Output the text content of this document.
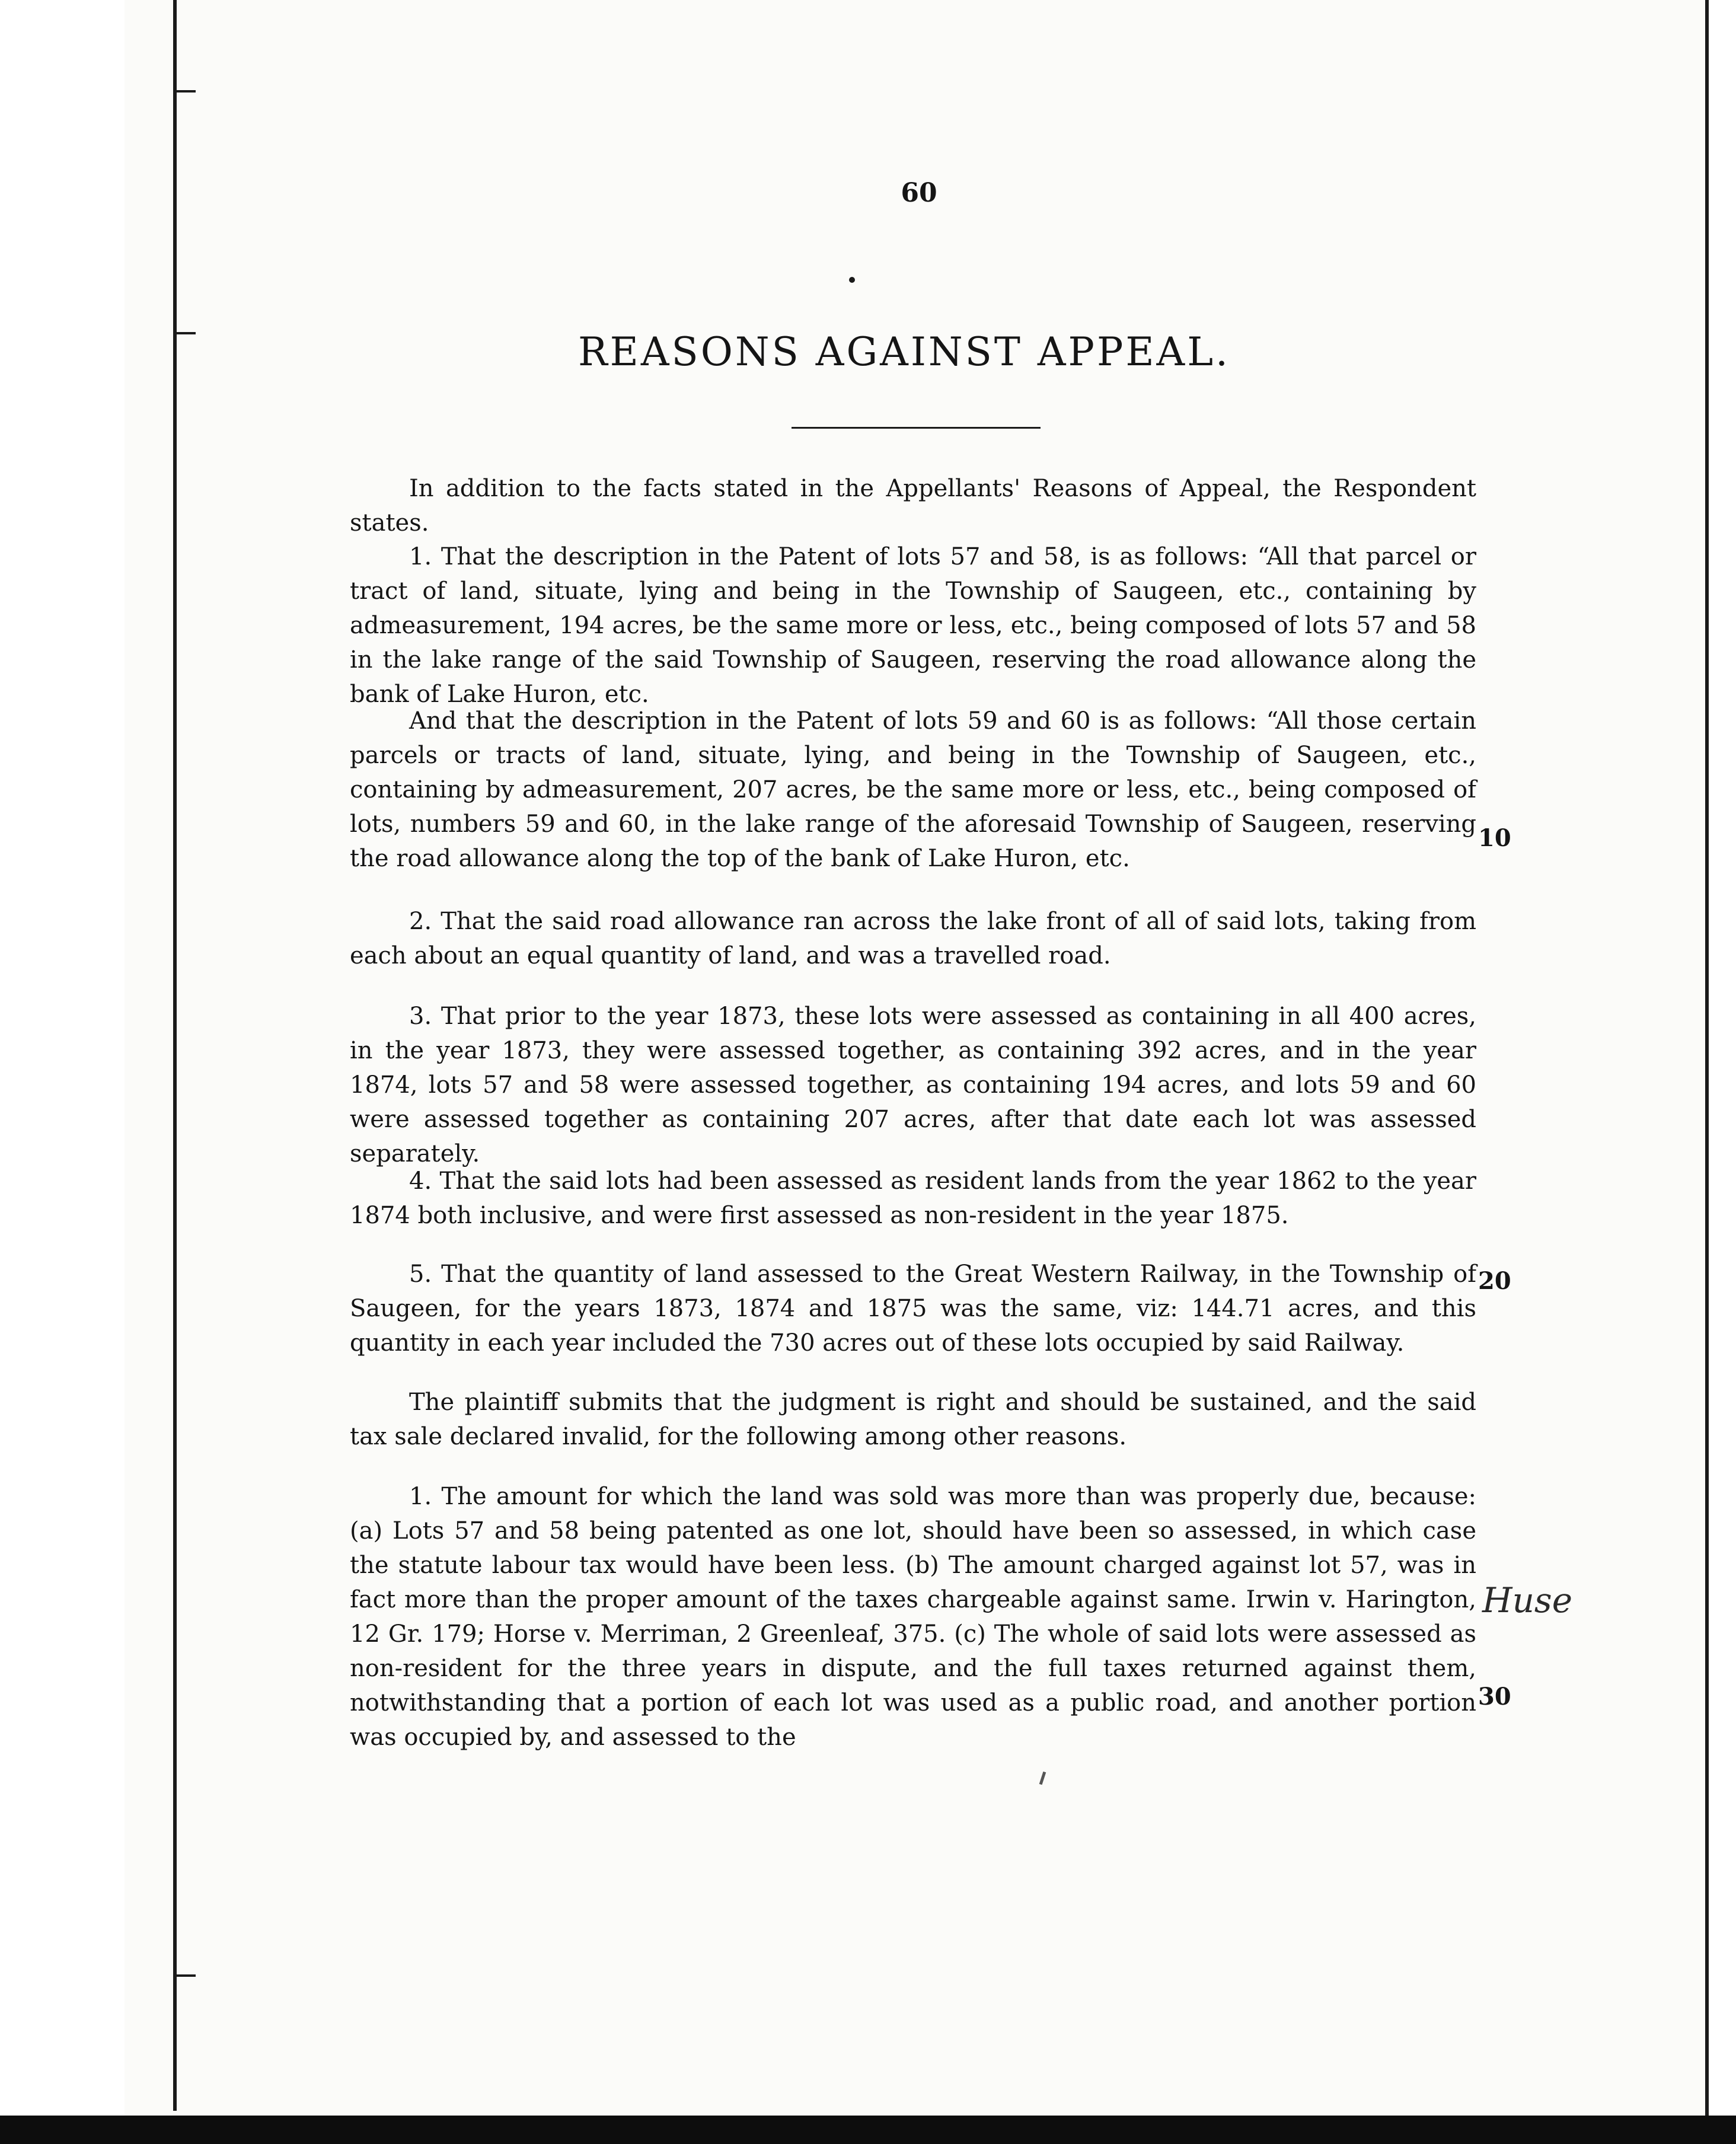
60
REASONS AGAINST APPEAL.
In addition to the facts stated in the Appellants' Reasons of Appeal, the Respondent states.
1. That the description in the Patent of lots 57 and 58, is as follows: “All that parcel or tract of land, situate, lying and being in the Township of Saugeen, etc., containing by admeasurement, 194 acres, be the same more or less, etc., being composed of lots 57 and 58 in the lake range of the said Township of Saugeen, reserving the road allowance along the bank of Lake Huron, etc.
And that the description in the Patent of lots 59 and 60 is as follows: “All those certain parcels or tracts of land, situate, lying, and being in the Township of Saugeen, etc., containing by admeasurement, 207 acres, be the same more or less, etc., being composed of lots, numbers 59 and 60, in the lake range of the aforesaid Township of Saugeen, reserving the road allowance along the top of the bank of Lake Huron, etc.
2. That the said road allowance ran across the lake front of all of said lots, taking from each about an equal quantity of land, and was a travelled road.
3. That prior to the year 1873, these lots were assessed as containing in all 400 acres, in the year 1873, they were assessed together, as containing 392 acres, and in the year 1874, lots 57 and 58 were assessed together, as containing 194 acres, and lots 59 and 60 were assessed together as containing 207 acres, after that date each lot was assessed separately.
4. That the said lots had been assessed as resident lands from the year 1862 to the year 1874 both inclusive, and were first assessed as non-resident in the year 1875.
5. That the quantity of land assessed to the Great Western Railway, in the Township of Saugeen, for the years 1873, 1874 and 1875 was the same, viz: 144.71 acres, and this quantity in each year included the 730 acres out of these lots occupied by said Railway.
The plaintiff submits that the judgment is right and should be sustained, and the said tax sale declared invalid, for the following among other reasons.
1. The amount for which the land was sold was more than was properly due, because: (a) Lots 57 and 58 being patented as one lot, should have been so assessed, in which case the statute labour tax would have been less. (b) The amount charged against lot 57, was in fact more than the proper amount of the taxes chargeable against same. Irwin v. Harington, 12 Gr. 179; Horse v. Merriman, 2 Greenleaf, 375. (c) The whole of said lots were assessed as non-resident for the three years in dispute, and the full taxes returned against them, notwithstanding that a portion of each lot was used as a public road, and another portion was occupied by, and assessed to the
10
20
30
Huse
